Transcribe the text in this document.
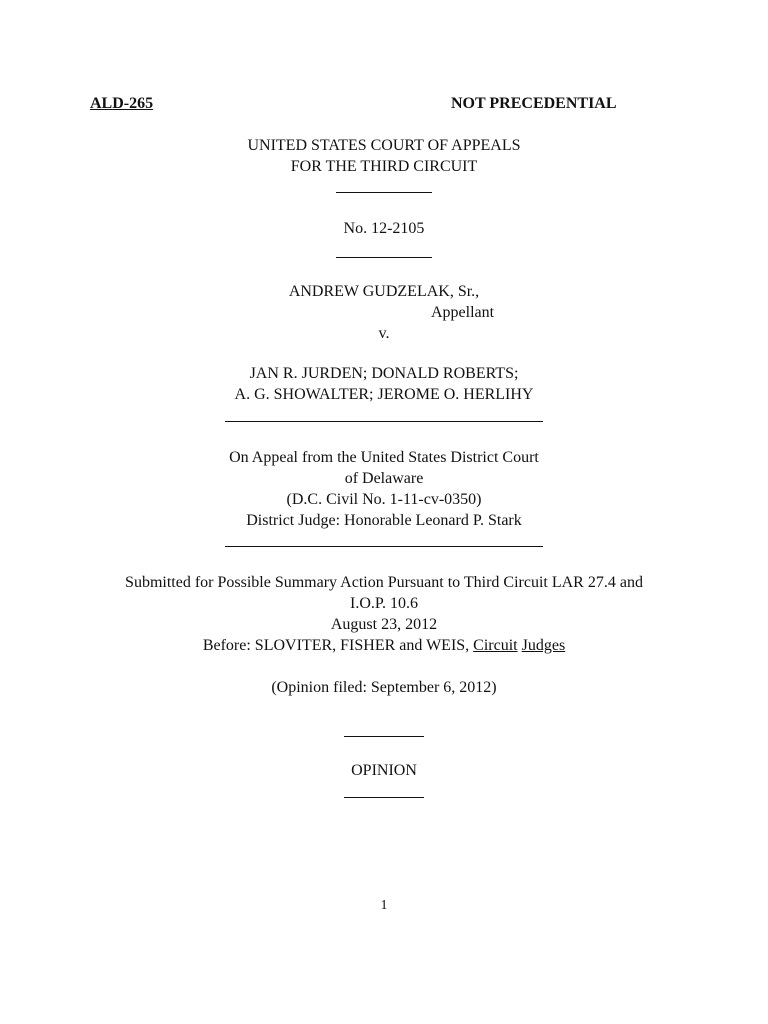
ALD-265	NOT PRECEDENTIAL
UNITED STATES COURT OF APPEALS
FOR THE THIRD CIRCUIT
No. 12-2105
ANDREW GUDZELAK, Sr.,
Appellant
v.
JAN R. JURDEN; DONALD ROBERTS;
A. G. SHOWALTER; JEROME O. HERLIHY
On Appeal from the United States District Court
of Delaware
(D.C. Civil No. 1-11-cv-0350)
District Judge: Honorable Leonard P. Stark
Submitted for Possible Summary Action Pursuant to Third Circuit LAR 27.4 and
I.O.P. 10.6
August 23, 2012
Before: SLOVITER, FISHER and WEIS, Circuit Judges
(Opinion filed: September 6, 2012)
OPINION
1
